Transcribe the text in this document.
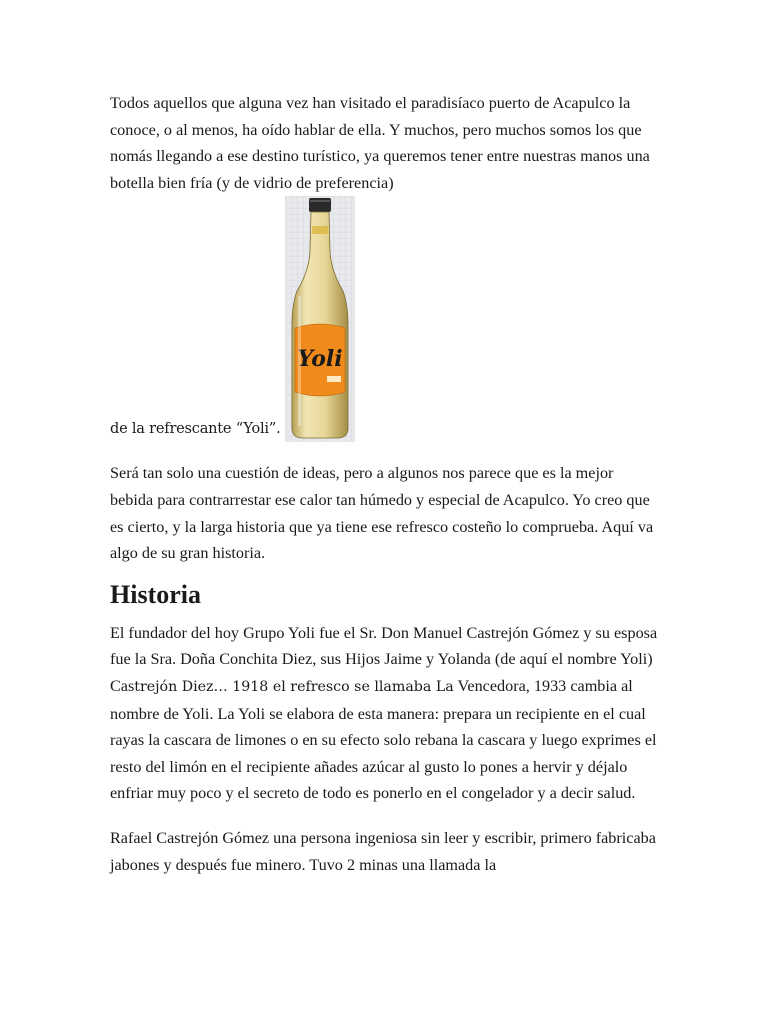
Todos aquellos que alguna vez han visitado el paradisíaco puerto de Acapulco la conoce, o al menos, ha oído hablar de ella. Y muchos, pero muchos somos los que nomás llegando a ese destino turístico, ya queremos tener entre nuestras manos una botella bien fría (y de vidrio de preferencia)

de la refrescante “Yoli”.
Yoli

Será tan solo una cuestión de ideas, pero a algunos nos parece que es la mejor bebida para contrarrestar ese calor tan húmedo y especial de Acapulco. Yo creo que es cierto, y la larga historia que ya tiene ese refresco costeño lo comprueba. Aquí va algo de su gran historia.

Historia

El fundador del hoy Grupo Yoli fue el Sr. Don Manuel Castrejón Gómez y su esposa fue la Sra. Doña Conchita Diez, sus Hijos Jaime y Yolanda (de aquí el nombre Yoli) Castrejón Diez… 1918 el refresco se llamaba La Vencedora, 1933 cambia al nombre de Yoli. La Yoli se elabora de esta manera: prepara un recipiente en el cual rayas la cascara de limones o en su efecto solo rebana la cascara y luego exprimes el resto del limón en el recipiente añades azúcar al gusto lo pones a hervir y déjalo enfriar muy poco y el secreto de todo es ponerlo en el congelador y a decir salud.

Rafael Castrejón Gómez una persona ingeniosa sin leer y escribir, primero fabricaba jabones y después fue minero. Tuvo 2 minas una llamada la
